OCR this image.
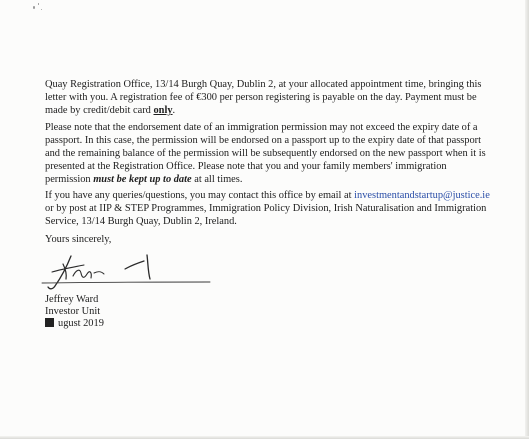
Quay Registration Office, 13/14 Burgh Quay, Dublin 2, at your allocated appointment time, bringing this letter with you. A registration fee of €300 per person registering is payable on the day. Payment must be made by credit/debit card only.

Please note that the endorsement date of an immigration permission may not exceed the expiry date of a passport. In this case, the permission will be endorsed on a passport up to the expiry date of that passport and the remaining balance of the permission will be subsequently endorsed on the new passport when it is presented at the Registration Office. Please note that you and your family members' immigration permission must be kept up to date at all times.

If you have any queries/questions, you may contact this office by email at investmentandstartup@justice.ie or by post at IIP & STEP Programmes, Immigration Policy Division, Irish Naturalisation and Immigration Service, 13/14 Burgh Quay, Dublin 2, Ireland.

Yours sincerely,
Jeffrey Ward
Investor Unit
ugust 2019
